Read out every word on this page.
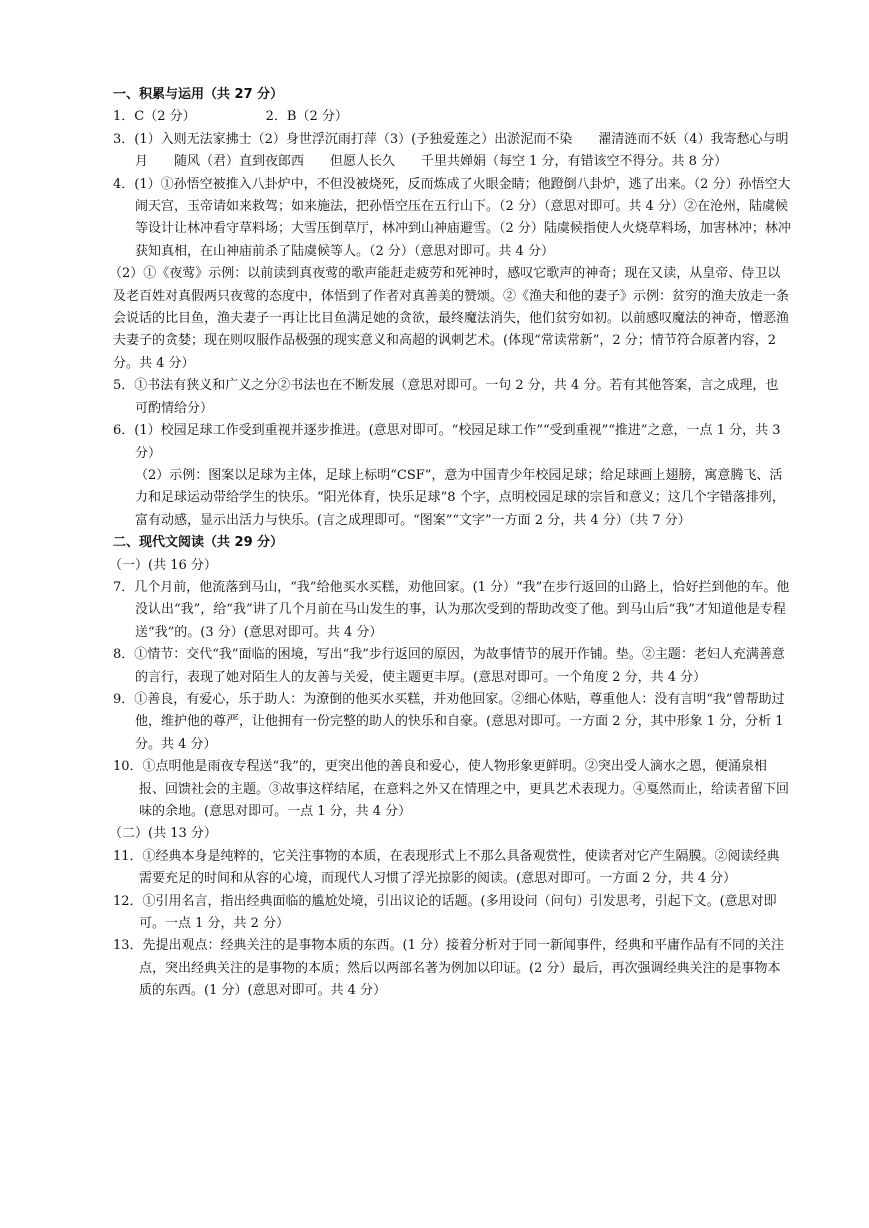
一、积累与运用（共 27 分）

1．C（2 分）	2．B（2 分）

3．(1）入则无法家拂士（2）身世浮沉雨打萍（3）(予独爱莲之）出淤泥而不染　　濯清涟而不妖（4）我寄愁心与明月　　随风（君）直到夜郎西　　但愿人长久　　千里共婵娟（每空 1 分，有错该空不得分。共 8 分）

4．(1）①孙悟空被推入八卦炉中，不但没被烧死，反而炼成了火眼金睛；他蹬倒八卦炉，逃了出来。（2 分）孙悟空大闹天宫，玉帝请如来救驾；如来施法，把孙悟空压在五行山下。（2 分）（意思对即可。共 4 分）②在沧州，陆虞候等设计让林冲看守草料场；大雪压倒草厅，林冲到山神庙避雪。（2 分）陆虞候指使人火烧草料场，加害林冲；林冲获知真相，在山神庙前杀了陆虞候等人。（2 分）（意思对即可。共 4 分）

（2）①《夜莺》示例：以前读到真夜莺的歌声能赶走疲劳和死神时，感叹它歌声的神奇；现在又读，从皇帝、侍卫以及老百姓对真假两只夜莺的态度中，体悟到了作者对真善美的赞颂。②《渔夫和他的妻子》示例：贫穷的渔夫放走一条会说话的比目鱼，渔夫妻子一再让比目鱼满足她的贪欲，最终魔法消失，他们贫穷如初。以前感叹魔法的神奇，憎恶渔夫妻子的贪婪；现在则叹服作品极强的现实意义和高超的讽刺艺术。(体现“常读常新”，2 分；情节符合原著内容，2 分。共 4 分）

5．①书法有狭义和广义之分②书法也在不断发展（意思对即可。一句 2 分，共 4 分。若有其他答案，言之成理，也可酌情给分）

6．(1）校园足球工作受到重视并逐步推进。(意思对即可。“校园足球工作”“受到重视”“推进”之意，一点 1 分，共 3 分）

（2）示例：图案以足球为主体，足球上标明“CSF”，意为中国青少年校园足球；给足球画上翅膀，寓意腾飞、活力和足球运动带给学生的快乐。“阳光体育，快乐足球”8 个字，点明校园足球的宗旨和意义；这几个字错落排列，富有动感，显示出活力与快乐。(言之成理即可。“图案”“文字”一方面 2 分，共 4 分）（共 7 分）

二、现代文阅读（共 29 分）

（一）(共 16 分）

7．几个月前，他流落到马山，“我”给他买水买糕，劝他回家。(1 分）“我”在步行返回的山路上，恰好拦到他的车。他没认出“我”，给“我”讲了几个月前在马山发生的事，认为那次受到的帮助改变了他。到马山后“我”才知道他是专程送“我”的。(3 分）(意思对即可。共 4 分）

8．①情节：交代“我”面临的困境，写出“我”步行返回的原因，为故事情节的展开作铺。垫。②主题：老妇人充满善意的言行，表现了她对陌生人的友善与关爱，使主题更丰厚。(意思对即可。一个角度 2 分，共 4 分）

9．①善良，有爱心，乐于助人：为潦倒的他买水买糕，并劝他回家。②细心体贴，尊重他人：没有言明“我”曾帮助过他，维护他的尊严，让他拥有一份完整的助人的快乐和自豪。(意思对即可。一方面 2 分，其中形象 1 分，分析 1 分。共 4 分）

10．①点明他是雨夜专程送“我”的，更突出他的善良和爱心，使人物形象更鲜明。②突出受人滴水之恩，便涌泉相报、回馈社会的主题。③故事这样结尾，在意料之外又在情理之中，更具艺术表现力。④戛然而止，给读者留下回味的余地。(意思对即可。一点 1 分，共 4 分）

（二）(共 13 分）

11．①经典本身是纯粹的，它关注事物的本质，在表现形式上不那么具备观赏性，使读者对它产生隔膜。②阅读经典需要充足的时间和从容的心境，而现代人习惯了浮光掠影的阅读。(意思对即可。一方面 2 分，共 4 分）

12．①引用名言，指出经典面临的尴尬处境，引出议论的话题。(多用设问（问句）引发思考，引起下文。(意思对即可。一点 1 分，共 2 分）

13．先提出观点：经典关注的是事物本质的东西。(1 分）接着分析对于同一新闻事件，经典和平庸作品有不同的关注点，突出经典关注的是事物的本质；然后以两部名著为例加以印证。(2 分）最后，再次强调经典关注的是事物本质的东西。(1 分）(意思对即可。共 4 分）
